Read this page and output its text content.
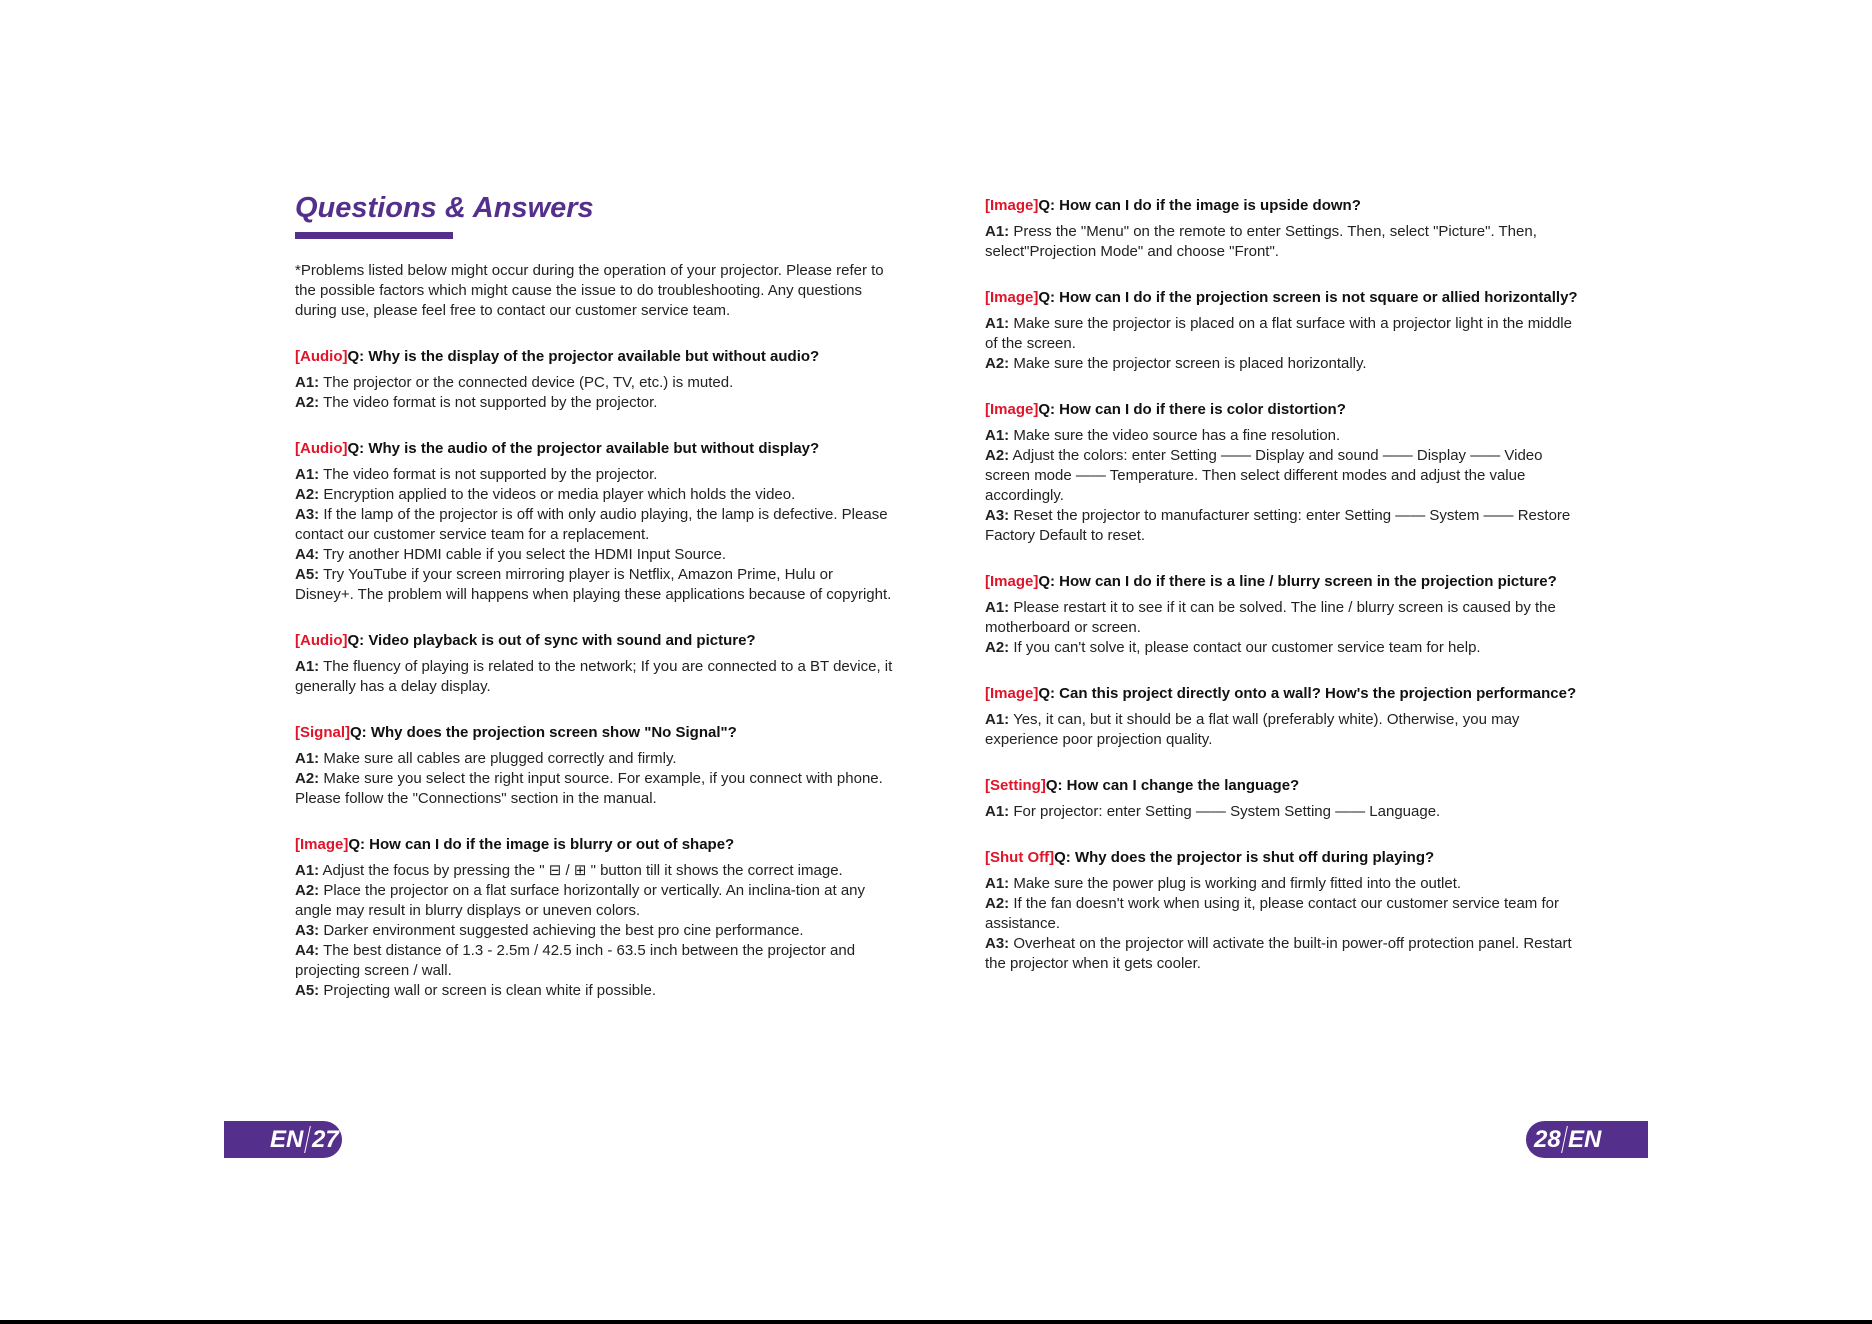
Questions & Answers
*Problems listed below might occur during the operation of your projector. Please refer to the possible factors which might cause the issue to do troubleshooting. Any questions during use, please feel free to contact our customer service team.
[Audio]Q: Why is the display of the projector available but without audio?
A1: The projector or the connected device (PC, TV, etc.) is muted.
A2: The video format is not supported by the projector.
[Audio]Q: Why is the audio of the projector available but without display?
A1: The video format is not supported by the projector.
A2: Encryption applied to the videos or media player which holds the video.
A3: If the lamp of the projector is off with only audio playing, the lamp is defective. Please contact our customer service team for a replacement.
A4: Try another HDMI cable if you select the HDMI Input Source.
A5: Try YouTube if your screen mirroring player is Netflix, Amazon Prime, Hulu or Disney+. The problem will happens when playing these applications because of copyright.
[Audio]Q: Video playback is out of sync with sound and picture?
A1: The fluency of playing is related to the network; If you are connected to a BT device, it generally has a delay display.
[Signal]Q: Why does the projection screen show "No Signal"?
A1: Make sure all cables are plugged correctly and firmly.
A2: Make sure you select the right input source. For example, if you connect with phone. Please follow the "Connections" section in the manual.
[Image]Q: How can I do if the image is blurry or out of shape?
A1: Adjust the focus by pressing the " ⊟ / ⊞ " button till it shows the correct image.
A2: Place the projector on a flat surface horizontally or vertically. An inclina-tion at any angle may result in blurry displays or uneven colors.
A3: Darker environment suggested achieving the best pro cine performance.
A4: The best distance of 1.3 - 2.5m / 42.5 inch - 63.5 inch between the projector and projecting screen / wall.
A5: Projecting wall or screen is clean white if possible.
[Image]Q: How can I do if the image is upside down?
A1: Press the "Menu" on the remote to enter Settings. Then, select "Picture". Then, select"Projection Mode" and choose "Front".
[Image]Q: How can I do if the projection screen is not square or allied horizontally?
A1: Make sure the projector is placed on a flat surface with a projector light in the middle of the screen.
A2: Make sure the projector screen is placed horizontally.
[Image]Q: How can I do if there is color distortion?
A1: Make sure the video source has a fine resolution.
A2: Adjust the colors: enter Setting —— Display and sound —— Display —— Video screen mode —— Temperature. Then select different modes and adjust the value accordingly.
A3: Reset the projector to manufacturer setting: enter Setting —— System —— Restore Factory Default to reset.
[Image]Q: How can I do if there is a line / blurry screen in the projection picture?
A1: Please restart it to see if it can be solved. The line / blurry screen is caused by the motherboard or screen.
A2: If you can't solve it, please contact our customer service team for help.
[Image]Q: Can this project directly onto a wall? How's the projection performance?
A1: Yes, it can, but it should be a flat wall (preferably white). Otherwise, you may experience poor projection quality.
[Setting]Q: How can I change the language?
A1: For projector: enter Setting —— System Setting —— Language.
[Shut Off]Q: Why does the projector is shut off during playing?
A1: Make sure the power plug is working and firmly fitted into the outlet.
A2: If the fan doesn't work when using it, please contact our customer service team for assistance.
A3: Overheat on the projector will activate the built-in power-off protection panel. Restart the projector when it gets cooler.
EN 27	28 EN
